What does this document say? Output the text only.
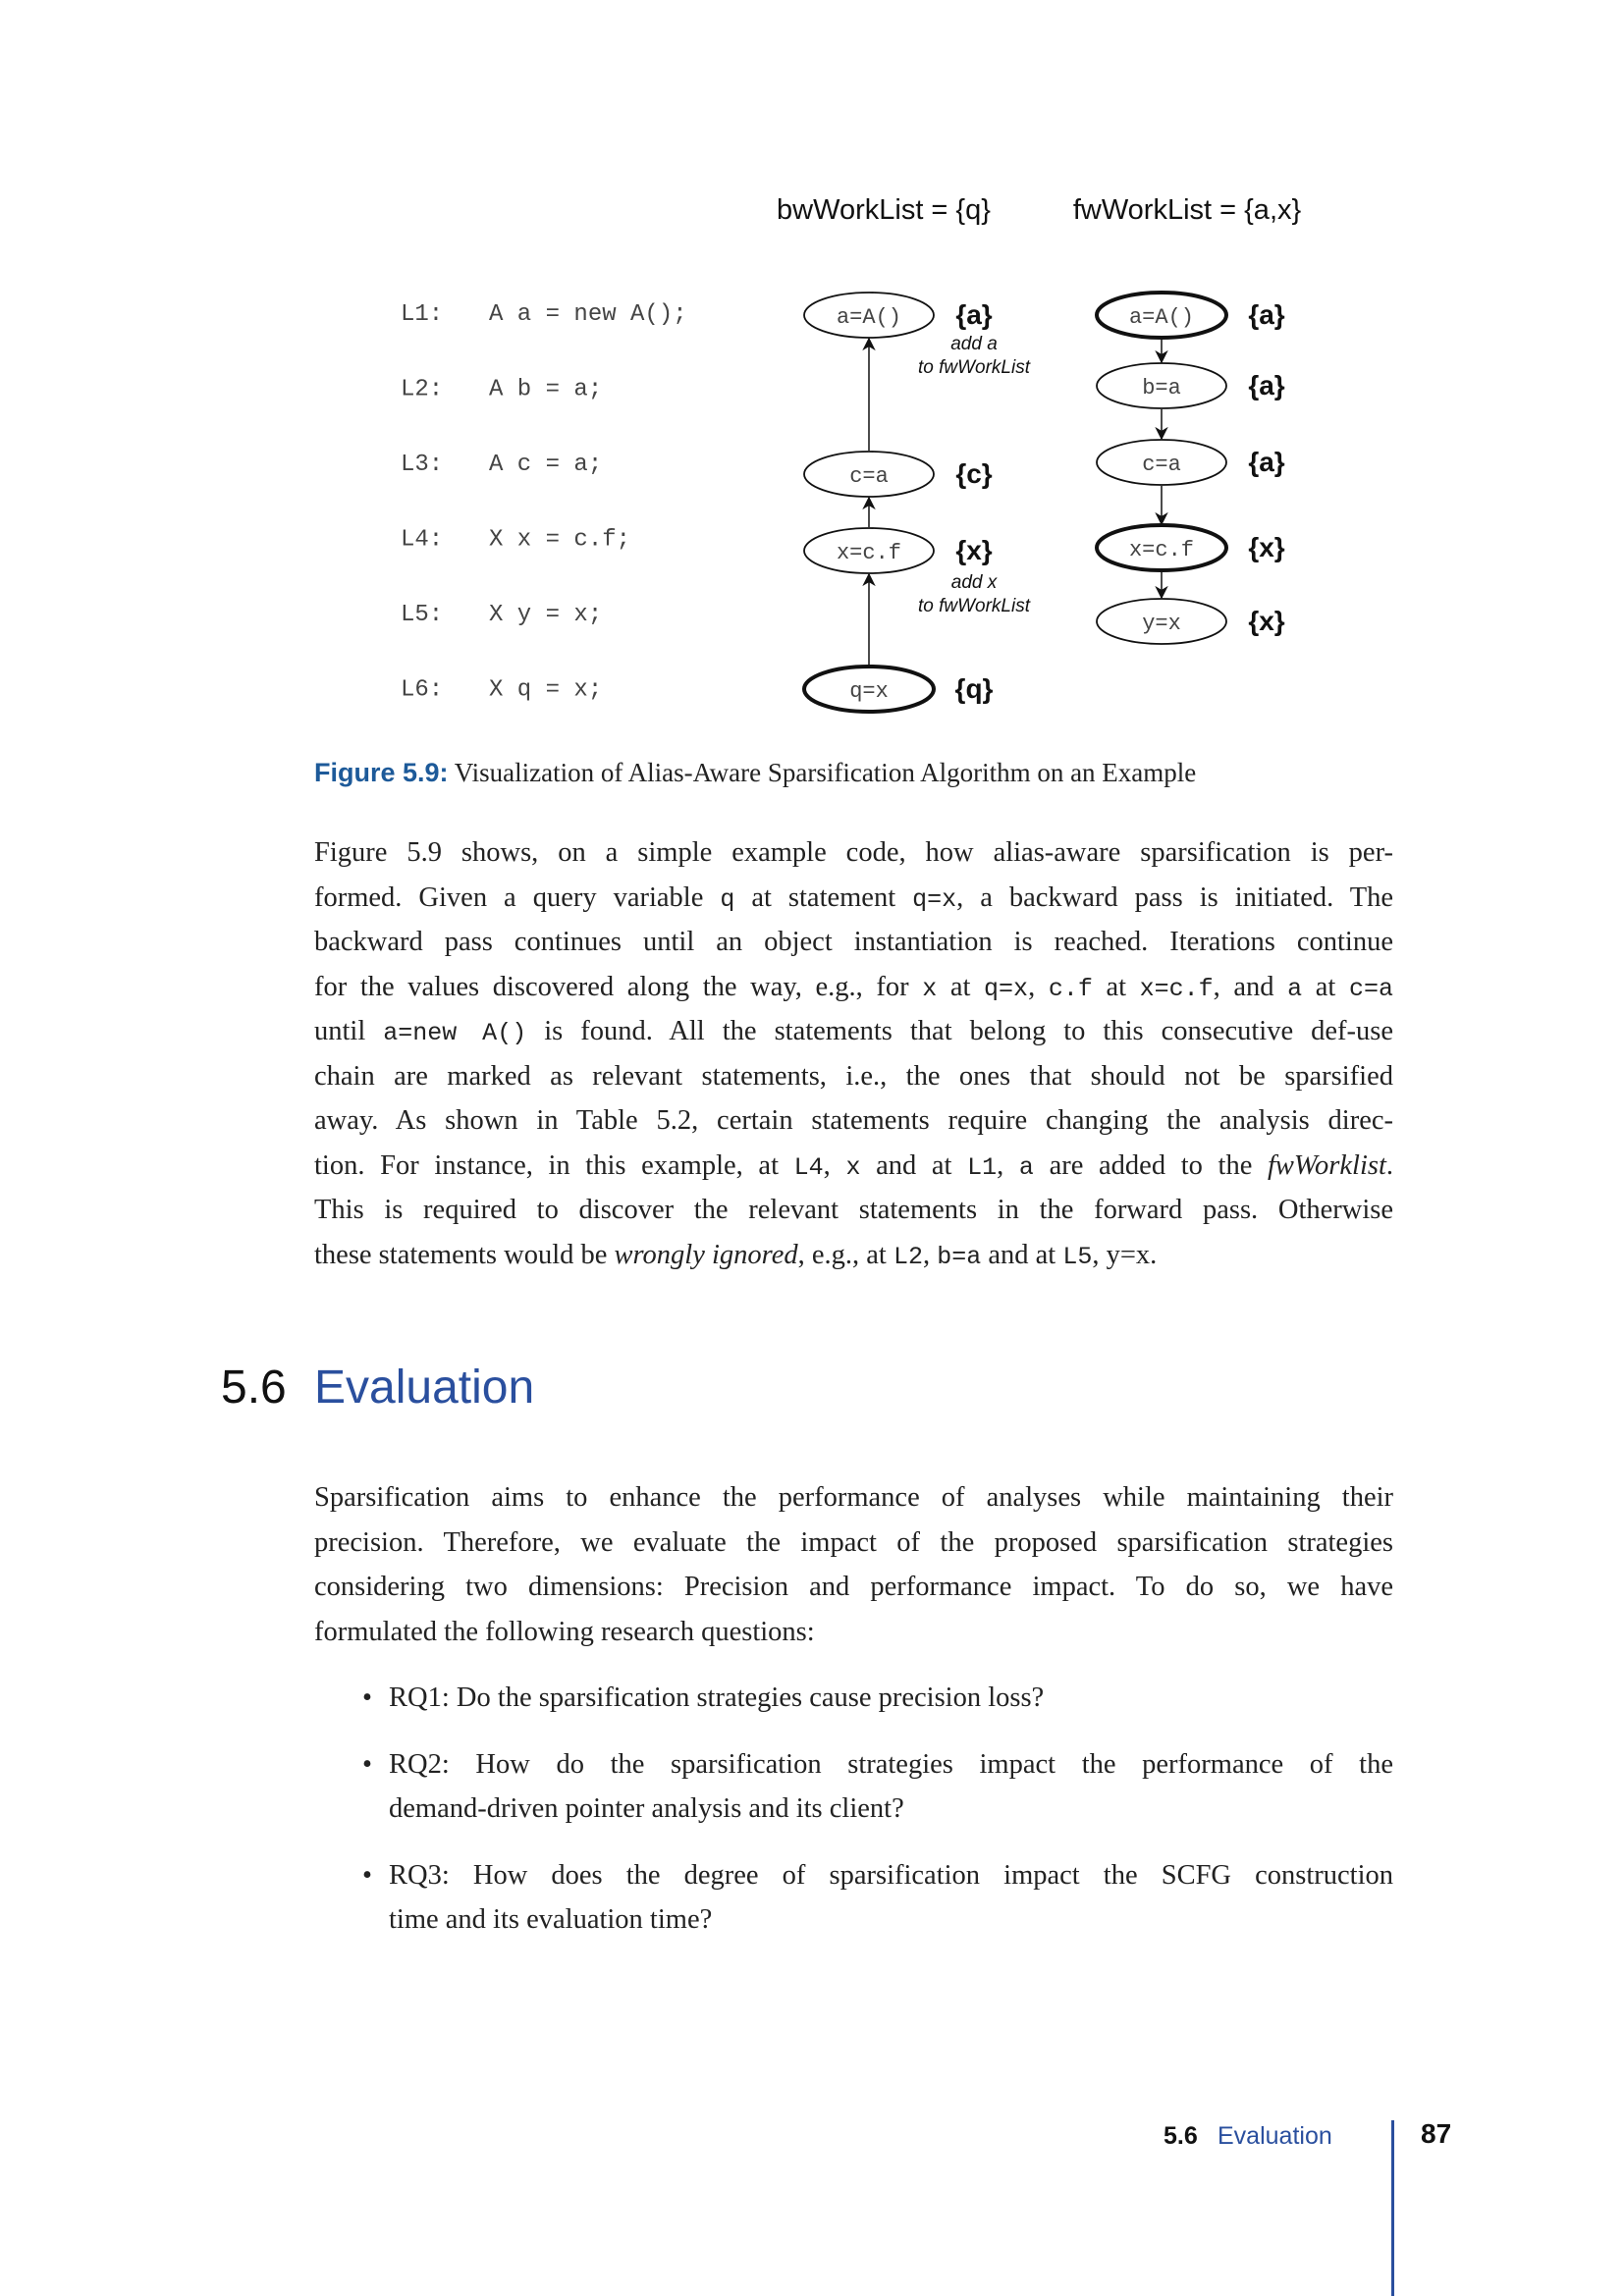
bwWorkList = {q}	fwWorkList = {a,x}
L1: A a = new A();
L2: A b = a;
L3: A c = a;
L4: X x = c.f;
L5: X y = x;
L6: X q = x;
a=A() {a}
c=a {c}
x=c.f {x}
q=x {q}
a=A() {a}
b=a {a}
c=a {a}
x=c.f {x}
y=x {x}
add a
to fwWorkList
add x
to fwWorkList
Figure 5.9: Visualization of Alias-Aware Sparsification Algorithm on an Example
Figure 5.9 shows, on a simple example code, how alias-aware sparsification is per-
formed. Given a query variable q at statement q=x, a backward pass is initiated. The
backward pass continues until an object instantiation is reached. Iterations continue
for the values discovered along the way, e.g., for x at q=x, c.f at x=c.f, and a at c=a
until a=new A() is found. All the statements that belong to this consecutive def-use
chain are marked as relevant statements, i.e., the ones that should not be sparsified
away. As shown in Table 5.2, certain statements require changing the analysis direc-
tion. For instance, in this example, at L4, x and at L1, a are added to the fwWorklist.
This is required to discover the relevant statements in the forward pass. Otherwise
these statements would be wrongly ignored, e.g., at L2, b=a and at L5, y=x.
5.6 Evaluation
Sparsification aims to enhance the performance of analyses while maintaining their
precision. Therefore, we evaluate the impact of the proposed sparsification strategies
considering two dimensions: Precision and performance impact. To do so, we have
formulated the following research questions:
• RQ1: Do the sparsification strategies cause precision loss?
• RQ2: How do the sparsification strategies impact the performance of the
demand-driven pointer analysis and its client?
• RQ3: How does the degree of sparsification impact the SCFG construction
time and its evaluation time?
5.6 Evaluation	87
